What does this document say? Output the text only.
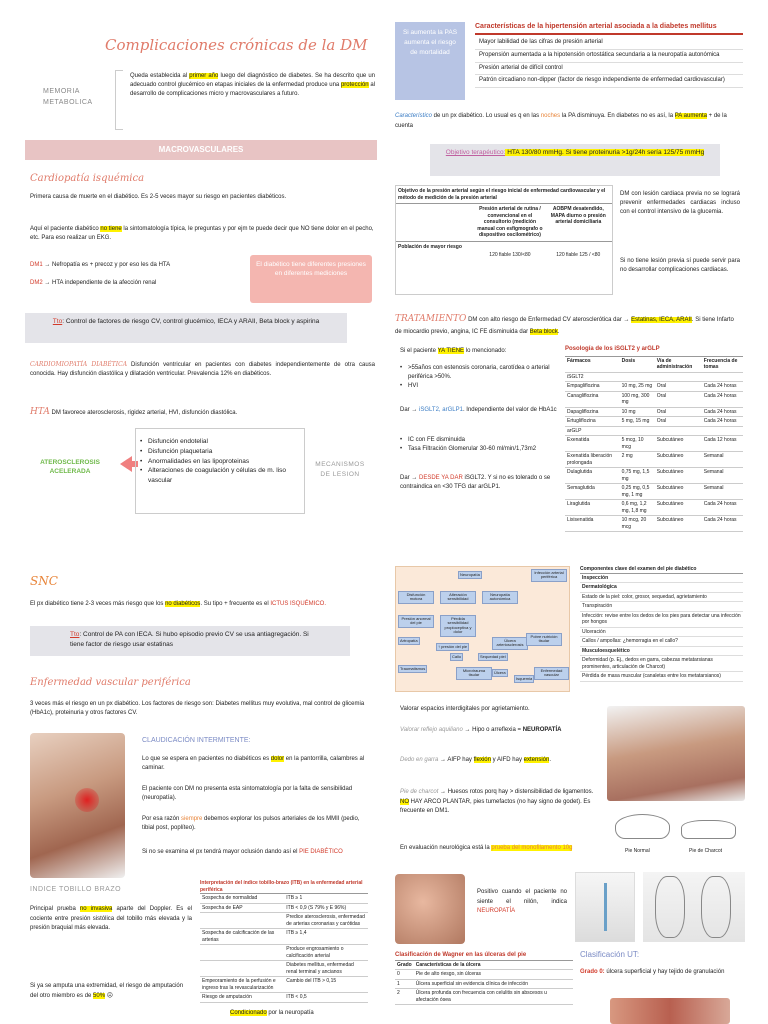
Complicaciones crónicas de la DM
MEMORIA METABOLICA
Queda establecida al primer año luego del diagnóstico de diabetes. Se ha descrito que un adecuado control glucémico en etapas iniciales de la enfermedad produce una protección al desarrollo de complicaciones micro y macrovasculares a futuro.
MACROVASCULARES
Cardiopatía isquémica
Primera causa de muerte en el diabético. Es 2-5 veces mayor su riesgo en pacientes diabéticos.
Aquí el paciente diabético no tiene la sintomatología típica, le preguntas y por ejm te puede decir que NO tiene dolor en el pecho, etc. Para eso realizar un EKG.
DM1 → Nefropatía es + precoz y por eso les da HTA
DM2 → HTA independiente de la afección renal
El diabético tiene diferentes presiones en diferentes mediciones
Tto: Control de factores de riesgo CV, control glucémico, IECA y ARAII, Beta block y aspirina
CARDIOMIOPATÍA DIABÉTICA Disfunción ventricular en pacientes con diabetes independientemente de otra causa conocida. Hay disfunción diastólica y dilatación ventricular. Prevalencia 12% en diabéticos.
HTA DM favorece aterosclerosis, rigidez arterial, HVI, disfunción diastólica.
ATEROSCLEROSIS ACELERADA
• Disfunción endotelial
• Disfunción plaquetaria
• Anormalidades en las lipoproteinas
• Alteraciones de coagulación y células de m. liso vascular
MECANISMOS DE LESION
Si aumenta la PAS aumenta el riesgo de mortalidad
Características de la hipertensión arterial asociada a la diabetes mellitus
Mayor labilidad de las cifras de presión arterial
Propensión aumentada a la hipotensión ortostática secundaria a la neuropatía autonómica
Presión arterial de difícil control
Patrón circadiano non-dipper (factor de riesgo independiente de enfermedad cardiovascular)
Característico de un px diabético. Lo usual es q en las noches la PA disminuya. En diabetes no es así, la PA aumenta + de la cuenta
Objetivo terapéutico: HTA 130/80 mmHg. Si tiene proteinuria >1g/24h sería 125/75 mmHg
Objetivo de la presión arterial según el riesgo inicial de enfermedad cardiovascular y el método de medición de la presión arterial
Presión arterial de rutina / convencional en el consultorio (medición manual con esfigmografo o dispositivo oscilométrico)
AOBPM desatendido, MAPA diurno o presión arterial domiciliaria
Población de mayor riesgo
120 fiable 130/<80	120 fiable 125 / <80
DM con lesión cardiaca previa no se logrará prevenir enfermedades cardiacas incluso con el control intensivo de la glucemia.
Si no tiene lesión previa sí puede servir para no desarrollar complicaciones cardiacas.
TRATAMIENTO DM con alto riesgo de Enfermedad CV aterosclerótica dar → Estatinas, IECA, ARAII. Si tiene Infarto de miocardio previo, angina, IC FE disminuida dar Beta block.
Si el paciente YA TIENE lo mencionado:
• >55años con estenosis coronaria, carotídea o arterial periférica >50%.
• HVI
Dar → iSGLT2, arGLP1. Independiente del valor de HbA1c
• IC con FE disminuida
• Tasa Filtración Glomerular 30-60 ml/min/1,73m2
Dar → DESDE YA DAR iSGLT2. Y si no es tolerado o se contraindica en <30 TFG dar arGLP1.
Posología de los iSGLT2 y arGLP
Fármacos	Dosis	Vía de administración	Frecuencia de tomas
iSGLT2			
Empagliflozina	10 mg, 25 mg	Oral	Cada 24 horas
Canagliflozina	100 mg, 300 mg	Oral	Cada 24 horas
Dapagliflozina	10 mg	Oral	Cada 24 horas
Ertugliflozina	5 mg, 15 mg	Oral	Cada 24 horas
arGLP			
Exenatida	5 mcg, 10 mcg	Subcutáneo	Cada 12 horas
Exenatida liberación prolongada	2 mg	Subcutáneo	Semanal
Dulaglutida	0,75 mg, 1,5 mg	Subcutáneo	Semanal
Semaglutida	0,25 mg, 0,5 mg, 1 mg	Subcutáneo	Semanal
Liraglutida	0,6 mg, 1,2 mg, 1,8 mg	Subcutáneo	Cada 24 horas
Lixisenatida	10 mcg, 20 mcg	Subcutáneo	Cada 24 horas
SNC
El px diabético tiene 2-3 veces más riesgo que los no diabéticos. Su tipo + frecuente es el ICTUS ISQUÉMICO.
Tto: Control de PA con IECA. Si hubo episodio previo CV se usa antiagregación. Si tiene factor de riesgo usar estatinas
Enfermedad vascular periférica
3 veces más el riesgo en un px diabético. Los factores de riesgo son: Diabetes mellitus muy evolutiva, mal control de glicemia (HbA1c), proteinuria y otros factores CV.
CLAUDICACIÓN INTERMITENTE:
Lo que se espera en pacientes no diabéticos es dolor en la pantorrilla, calambres al caminar.
El paciente con DM no presenta esta sintomatología por la falta de sensibilidad (neuropatía).
Por esa razón siempre debemos explorar los pulsos arteriales de los MMII (pedio, tibial post, poplíteo).
Si no se examina el px tendrá mayor oclusión dando así el PIE DIABÉTICO
INDICE TOBILLO BRAZO
Principal prueba no invasiva aparte del Doppler. Es el cociente entre presión sistólica del tobillo más elevada y la presión braquial más elevada.
Si ya se amputa una extremidad, el riesgo de amputación del otro miembro es de 50% ☹
Interpretación del índice tobillo-brazo (ITB) en la enfermedad arterial periférica
Sospecha de normalidad	ITB ≥ 1
Sospecha de EAP	ITB < 0,9 (S 79% y E 96%)
	Predice aterosclerosis, enfermedad de arterias coronarias y carótidas
Sospecha de calcificación de las arterias	ITB ≥ 1,4
	Produce engrosamiento o calcificación arterial
	Diabetes mellitus, enfermedad renal terminal y ancianos
Empeoramiento de la perfusión e ingreso tras la revascularización	Cambio del ITB > 0,15
Riesgo de amputación	ITB < 0,5
Condicionado por la neuropatía
Neuropatía	Infección arterial periférica
Disfunción motora
Alteración sensibilidad
Neuropatía autonómica
Presión anormal del pie
Pérdida sensibilidad propioceptiva y dolor
Artropatía	Úlcera arteriosclerosis
Pobre nutrición tisular
Callo	Sequedad piel
↑ presión del pie
Traumatismos	Microtrauma tisular	Úlcera
Isquemia
Enfermedad vascular
Componentes clave del examen del pie diabético
Inspección
Dermatológica
Estado de la piel: color, grosor, sequedad, agrietamiento
Transpiración
Infección: revise entre los dedos de los pies para detectar una infección por hongos
Ulceración
Callos / ampollas: ¿hemorragia en el callo?
Musculoesquelético
Deformidad (p. Ej., dedos en garra, cabezas metatarsianas prominentes, articulación de Charcot)
Pérdida de masa muscular (canaletas entre los metatarsianos)
Valorar espacios interdigitales por agrietamiento.
Valorar reflejo aquiliano → Hipo o arreflexia = NEUROPATÍA
Dedo en garra → AIFP hay flexión y AIFD hay extensión.
Pie de charcot → Huesos rotos porq hay > distensibilidad de ligamentos. NO HAY ARCO PLANTAR, pies tumefactos (no hay signo de godet). Es frecuente en DM1.
En evaluación neurológica está la prueba del monofilamento 10g	Pie Normal	Pie de Charcot
Positivo cuando el paciente no siente el nilón, indica NEUROPATÍA
Clasificación de Wagner en las úlceras del pie
Grado	Características de la úlcera
0	Pie de alto riesgo, sin úlceras
1	Úlcera superficial sin evidencia clínica de infección
2	Úlcera profunda con frecuencia con celulitis sin abscesos u afectación ósea
Clasificación UT:
Grado 0: úlcera superficial y hay tejido de granulación
